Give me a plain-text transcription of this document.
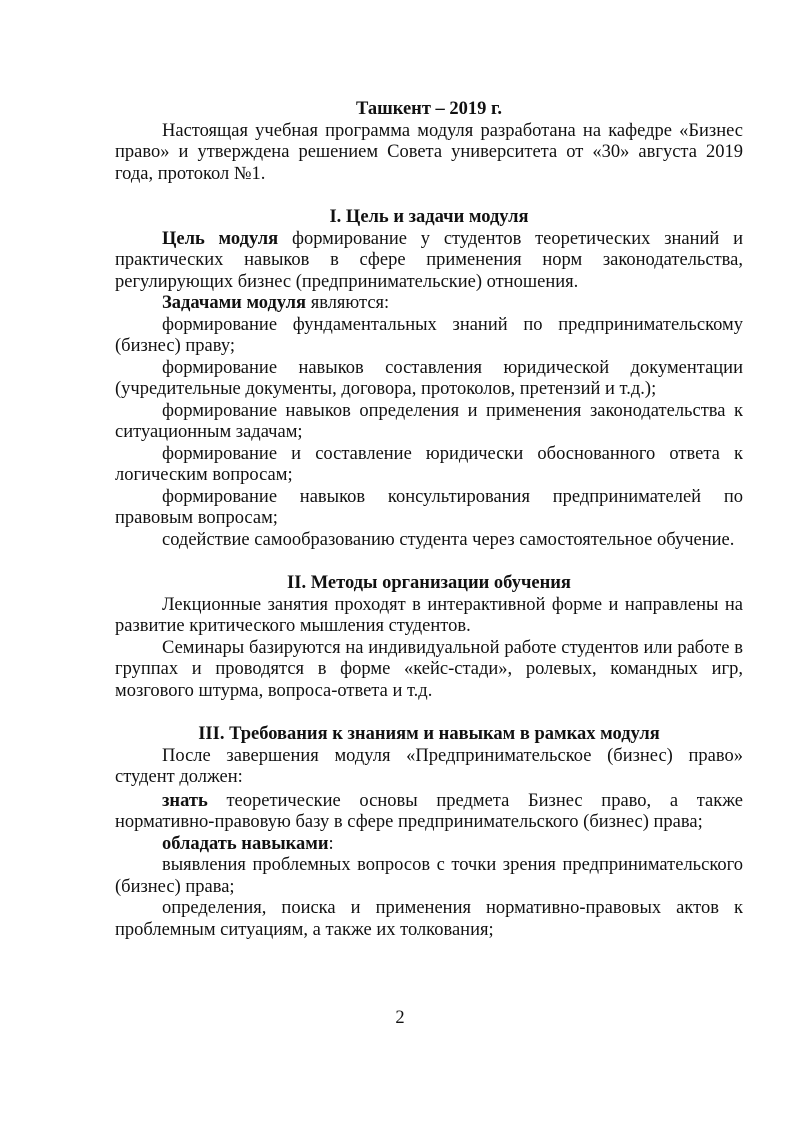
Ташкент – 2019 г.

Настоящая учебная программа модуля разработана на кафедре «Бизнес право» и утверждена решением Совета университета от «30» августа 2019 года, протокол №1.

I. Цель и задачи модуля

Цель модуля формирование у студентов теоретических знаний и практических навыков в сфере применения норм законодательства, регулирующих бизнес (предпринимательские) отношения.

Задачами модуля являются:

формирование фундаментальных знаний по предпринимательскому (бизнес) праву;

формирование навыков составления юридической документации (учредительные документы, договора, протоколов, претензий и т.д.);

формирование навыков определения и применения законодательства к ситуационным задачам;

формирование и составление юридически обоснованного ответа к логическим вопросам;

формирование навыков консультирования предпринимателей по правовым вопросам;

содействие самообразованию студента через самостоятельное обучение.

II. Методы организации обучения

Лекционные занятия проходят в интерактивной форме и направлены на развитие критического мышления студентов.

Семинары базируются на индивидуальной работе студентов или работе в группах и проводятся в форме «кейс-стади», ролевых, командных игр, мозгового штурма, вопроса-ответа и т.д.

III. Требования к знаниям и навыкам в рамках модуля

После завершения модуля «Предпринимательское (бизнес) право» студент должен:

знать теоретические основы предмета Бизнес право, а также нормативно-правовую базу в сфере предпринимательского (бизнес) права;

обладать навыками:

выявления проблемных вопросов с точки зрения предпринимательского (бизнес) права;

определения, поиска и применения нормативно-правовых актов к проблемным ситуациям, а также их толкования;

2
